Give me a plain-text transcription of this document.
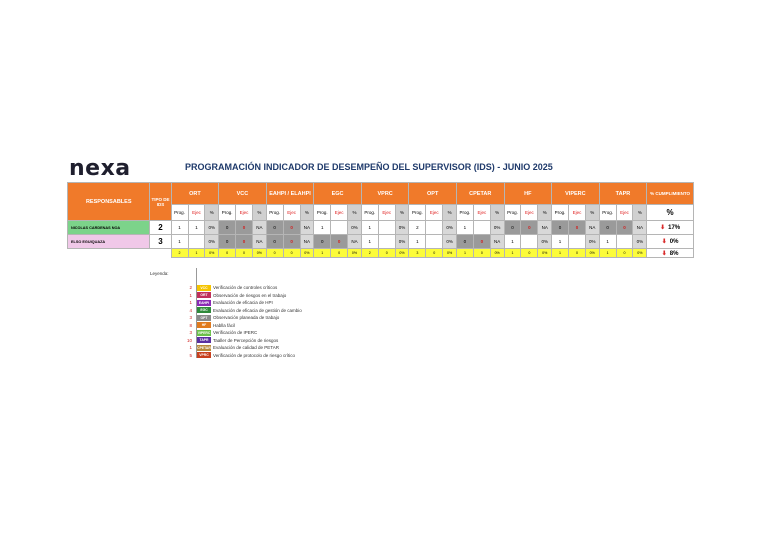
nexa	PROGRAMACIÓN INDICADOR DE DESEMPEÑO DEL SUPERVISOR (IDS) - JUNIO 2025
RESPONSABLES	TIPO DE IDS	ORT			VCC			EAHPI / ELAHPI			EGC			VPRC			OPT			CPETAR			HF			VIPERC			TAPR			% CUMPLIMIENTO
		Prog.	Ejec	%	Prog.	Ejec	%	Prog.	Ejec	%	Prog.	Ejec	%	Prog.	Ejec	%	Prog.	Ejec	%	Prog.	Ejec	%	Prog.	Ejec	%	Prog.	Ejec	%	Prog.	Ejec	%	%
NICOLAS CARDENAS NOA	2	1	1	0%	0	0	NA	0	0	NA	1		0%	1		0%	2		0%	1		0%	0	0	NA	0	0	NA	0	0	NA	⬇ 17%
ELSO EGUIQUAZA	3	1		0%	0	0	NA	0	0	NA	0	0	NA	1		0%	1		0%	0	0	NA	1		0%	1		0%	1		0%	⬇ 0%
		2	1	0%	0	0	0%	0	0	0%	1	0	0%	2	0	0%	3	0	0%	1	0	0%	1	0	0%	1	0	0%	1	0	0%	⬇ 8%
Leyenda:
2	VCC	Verificación de controles críticos
1	ORT	Observación de riesgos en el trabajo
1	EAHPI Evaluación de eficacia de HPI
4	EGC	Evaluación de eficacia de gestión de cambio
3	OPT	Observación planeada de trabajo
8	HF	Hablla fácil
3 VIPERC Verificación de IPERC
10	TAPR	Taaller de Percepción de riesgos
1 CPETAR Evaluación de calidad de PETAR
5	VPRC Verificación de protocolo de riesgo crítico
